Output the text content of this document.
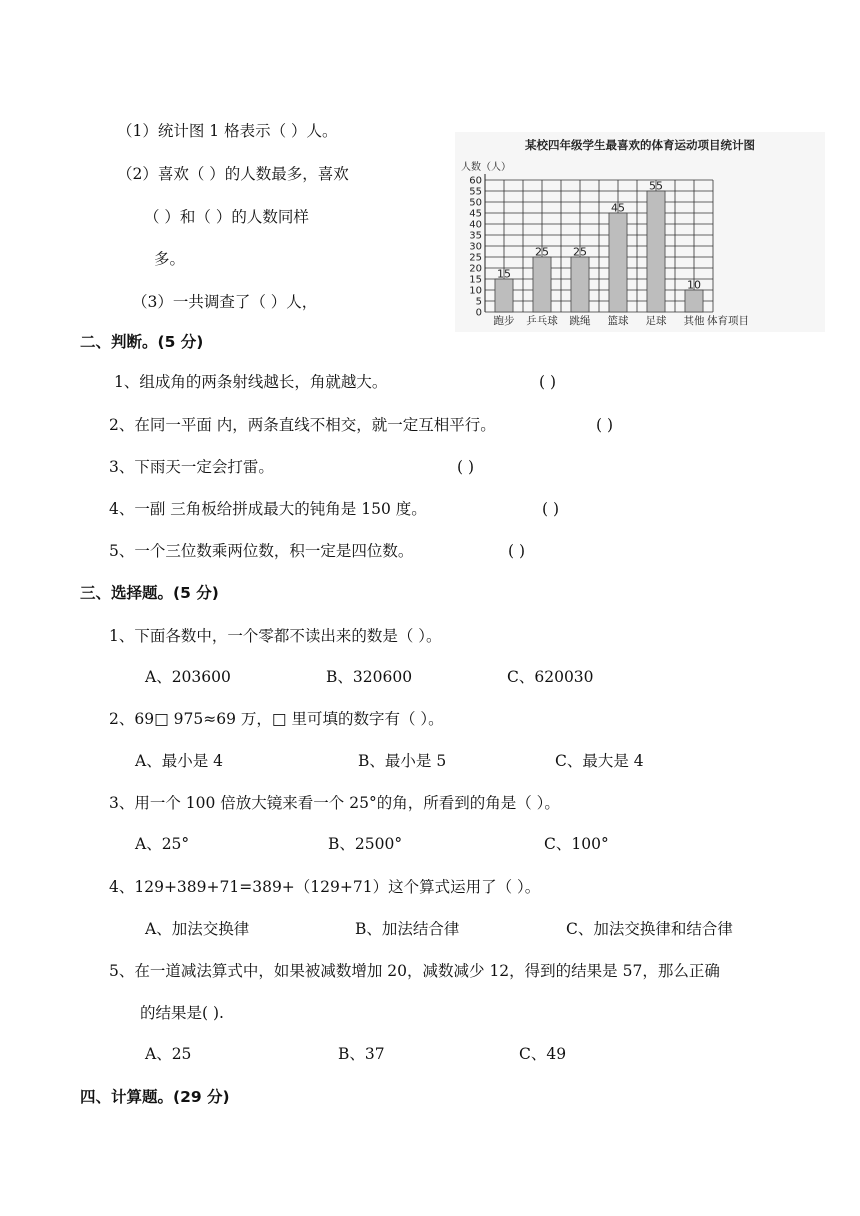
（1）统计图 1 格表示（ ）人。
（2）喜欢（ ）的人数最多，喜欢
（ ）和（ ）的人数同样
多。
（3）一共调查了（ ）人，
某校四年级学生最喜欢的体育运动项目统计图
人数（人）
0
5
10
15
20
25
30
35
40
45
50
55
60
15
25 25
45
55
10
跑步 乒乓球 跳绳 篮球 足球 其他 体育项目
二、判断。(5 分)
1、组成角的两条射线越长，角就越大。	( )
2、在同一平面 内，两条直线不相交，就一定互相平行。	( )
3、下雨天一定会打雷。	( )
4、一副 三角板给拼成最大的钝角是 150 度。	( )
5、一个三位数乘两位数，积一定是四位数。	( )
三、选择题。(5 分)
1、下面各数中，一个零都不读出来的数是（ ）。
A、203600	B、320600	C、620030
2、69□ 975≈69 万，□ 里可填的数字有（ ）。
A、最小是 4	B、最小是 5	C、最大是 4
3、用一个 100 倍放大镜来看一个 25°的角，所看到的角是（ ）。
A、25°	B、2500°	C、100°
4、129+389+71=389+（129+71）这个算式运用了（ ）。
A、加法交换律	B、加法结合律	C、加法交换律和结合律
5、在一道减法算式中，如果被减数增加 20，减数减少 12，得到的结果是 57，那么正确
的结果是( ).
A、25	B、37	C、49
四、计算题。(29 分)
